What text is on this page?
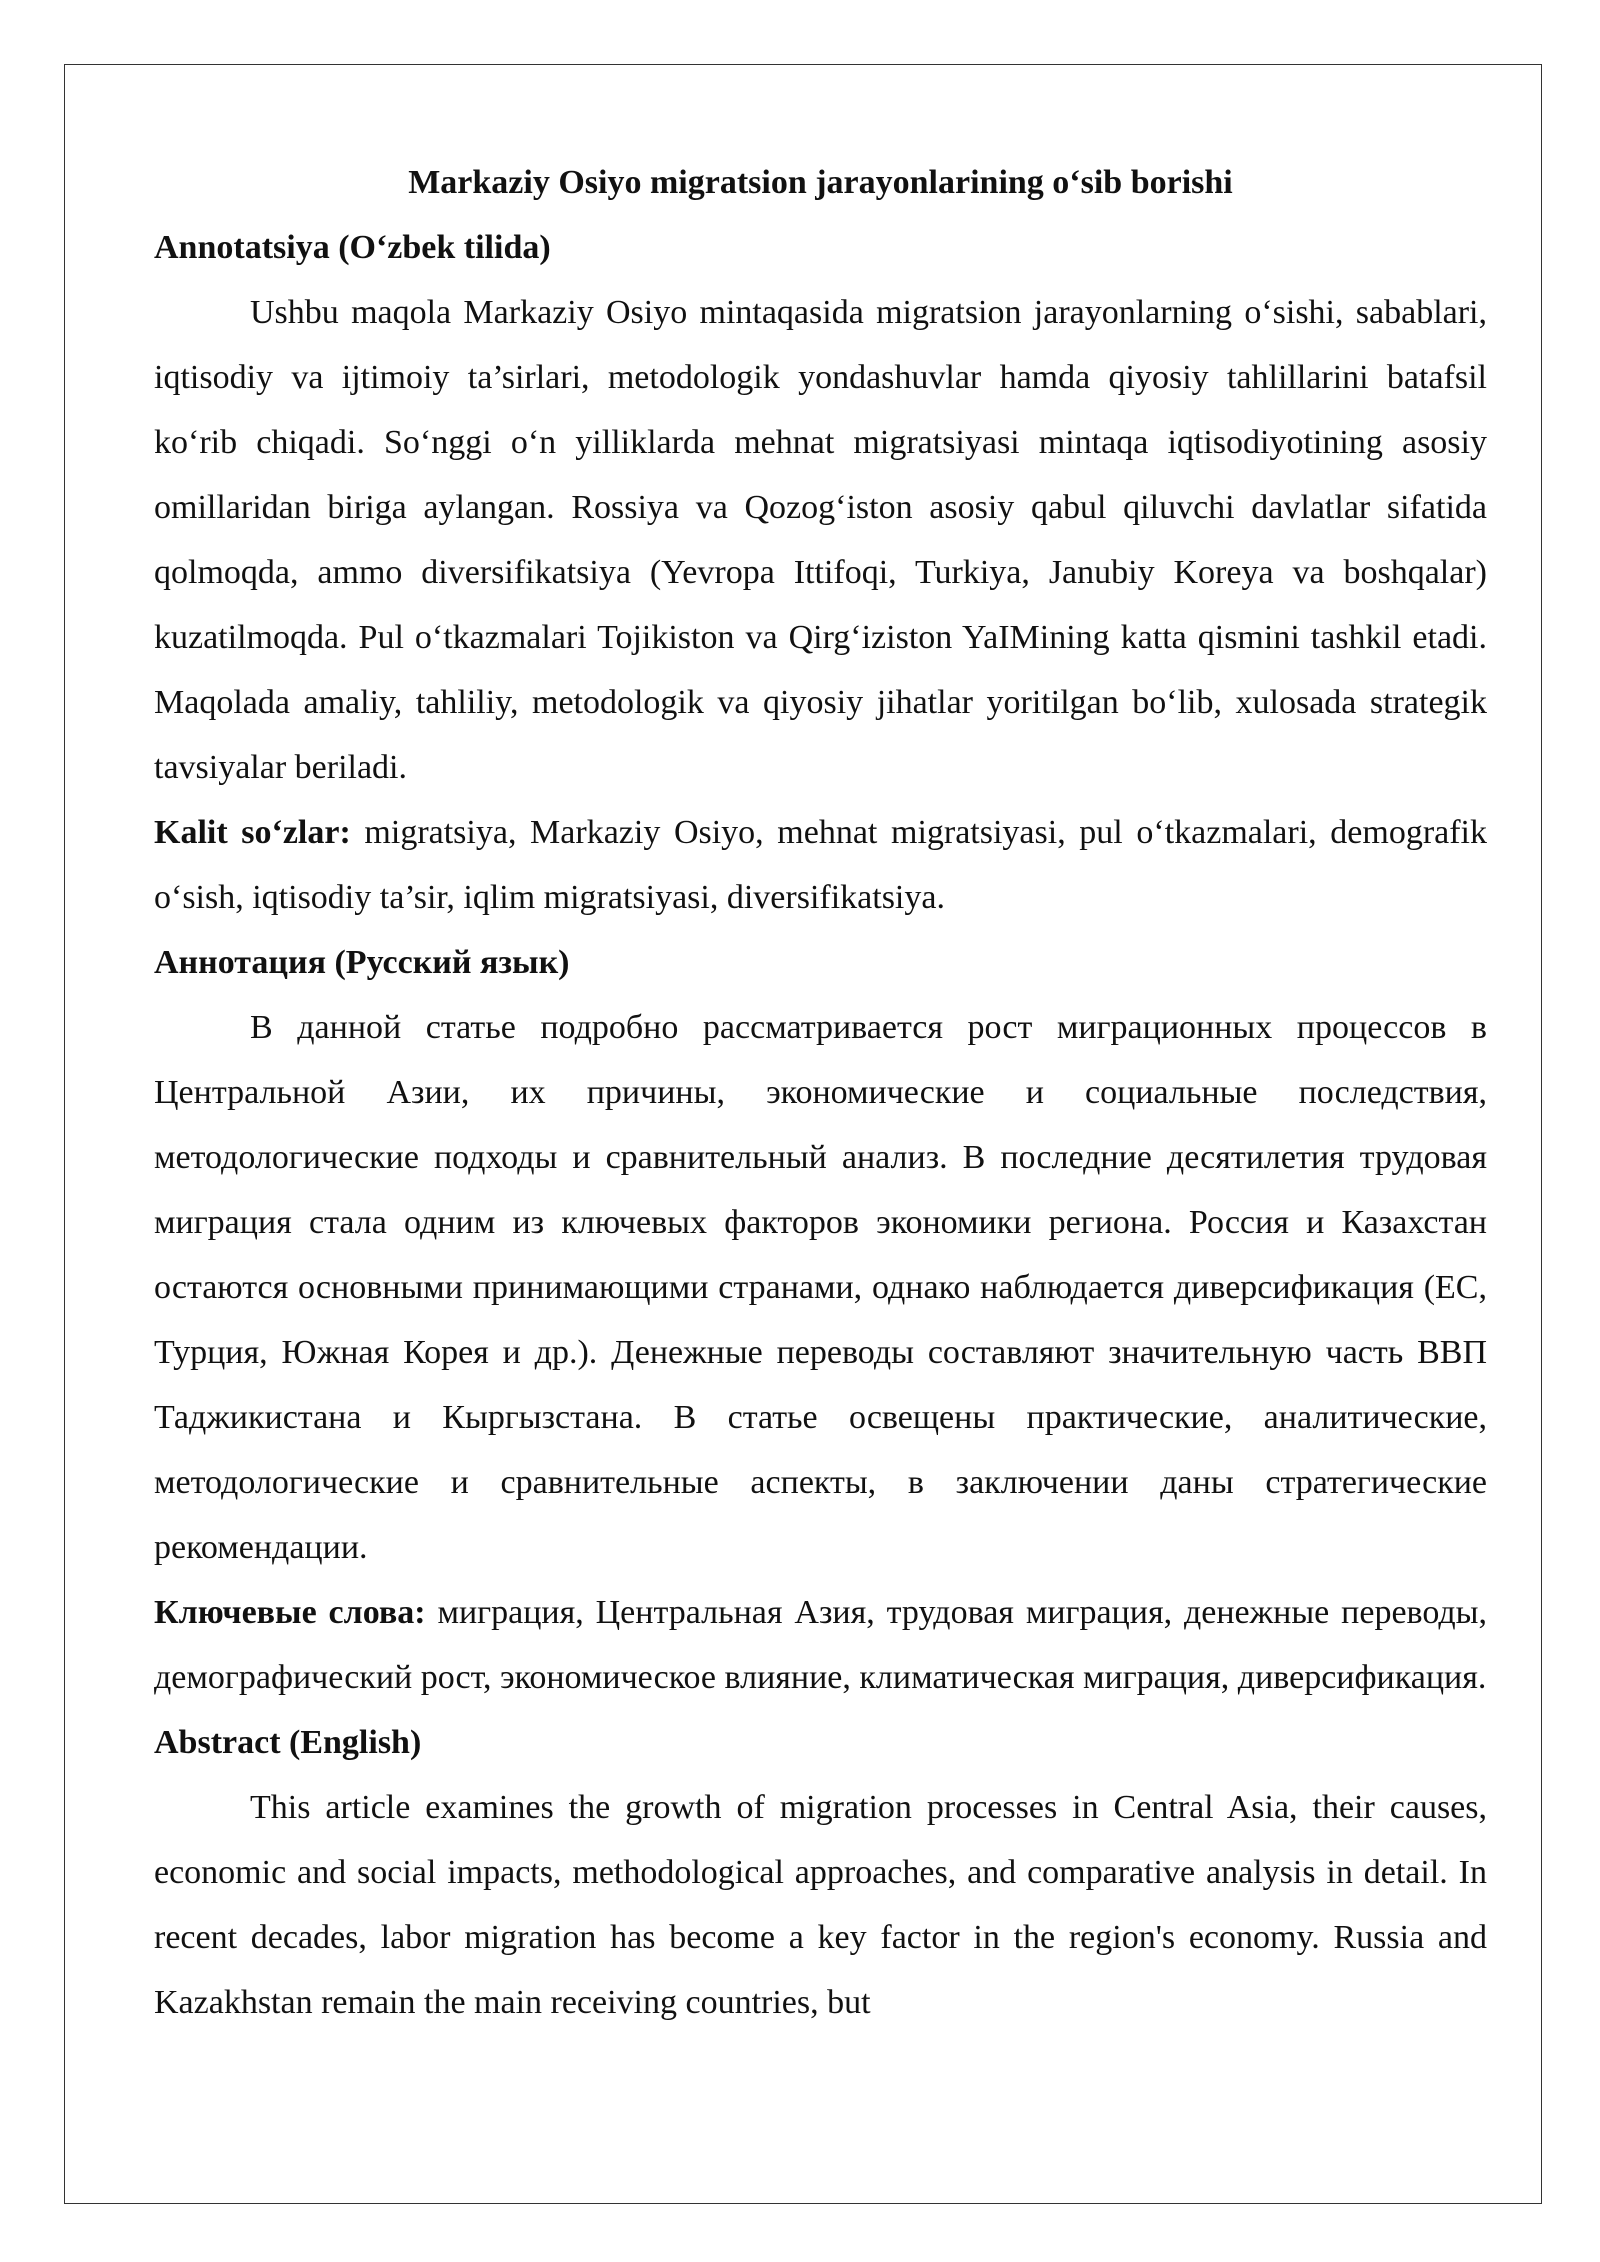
Markaziy Osiyo migratsion jarayonlarining oʻsib borishi

Annotatsiya (Oʻzbek tilida)

Ushbu maqola Markaziy Osiyo mintaqasida migratsion jarayonlarning oʻsishi, sabablari, iqtisodiy va ijtimoiy ta’sirlari, metodologik yondashuvlar hamda qiyosiy tahlillarini batafsil koʻrib chiqadi. Soʻnggi oʻn yilliklarda mehnat migratsiyasi mintaqa iqtisodiyotining asosiy omillaridan biriga aylangan. Rossiya va Qozogʻiston asosiy qabul qiluvchi davlatlar sifatida qolmoqda, ammo diversifikatsiya (Yevropa Ittifoqi, Turkiya, Janubiy Koreya va boshqalar) kuzatilmoqda. Pul oʻtkazmalari Tojikiston va Qirgʻiziston YaIMining katta qismini tashkil etadi. Maqolada amaliy, tahliliy, metodologik va qiyosiy jihatlar yoritilgan boʻlib, xulosada strategik tavsiyalar beriladi.

Kalit soʻzlar: migratsiya, Markaziy Osiyo, mehnat migratsiyasi, pul oʻtkazmalari, demografik oʻsish, iqtisodiy ta’sir, iqlim migratsiyasi, diversifikatsiya.

Аннотация (Русский язык)

В данной статье подробно рассматривается рост миграционных процессов в Центральной Азии, их причины, экономические и социальные последствия, методологические подходы и сравнительный анализ. В последние десятилетия трудовая миграция стала одним из ключевых факторов экономики региона. Россия и Казахстан остаются основными принимающими странами, однако наблюдается диверсификация (ЕС, Турция, Южная Корея и др.). Денежные переводы составляют значительную часть ВВП Таджикистана и Кыргызстана. В статье освещены практические, аналитические, методологические и сравнительные аспекты, в заключении даны стратегические рекомендации.

Ключевые слова: миграция, Центральная Азия, трудовая миграция, денежные переводы, демографический рост, экономическое влияние, климатическая миграция, диверсификация.

Abstract (English)

This article examines the growth of migration processes in Central Asia, their causes, economic and social impacts, methodological approaches, and comparative analysis in detail. In recent decades, labor migration has become a key factor in the region's economy. Russia and Kazakhstan remain the main receiving countries, but
